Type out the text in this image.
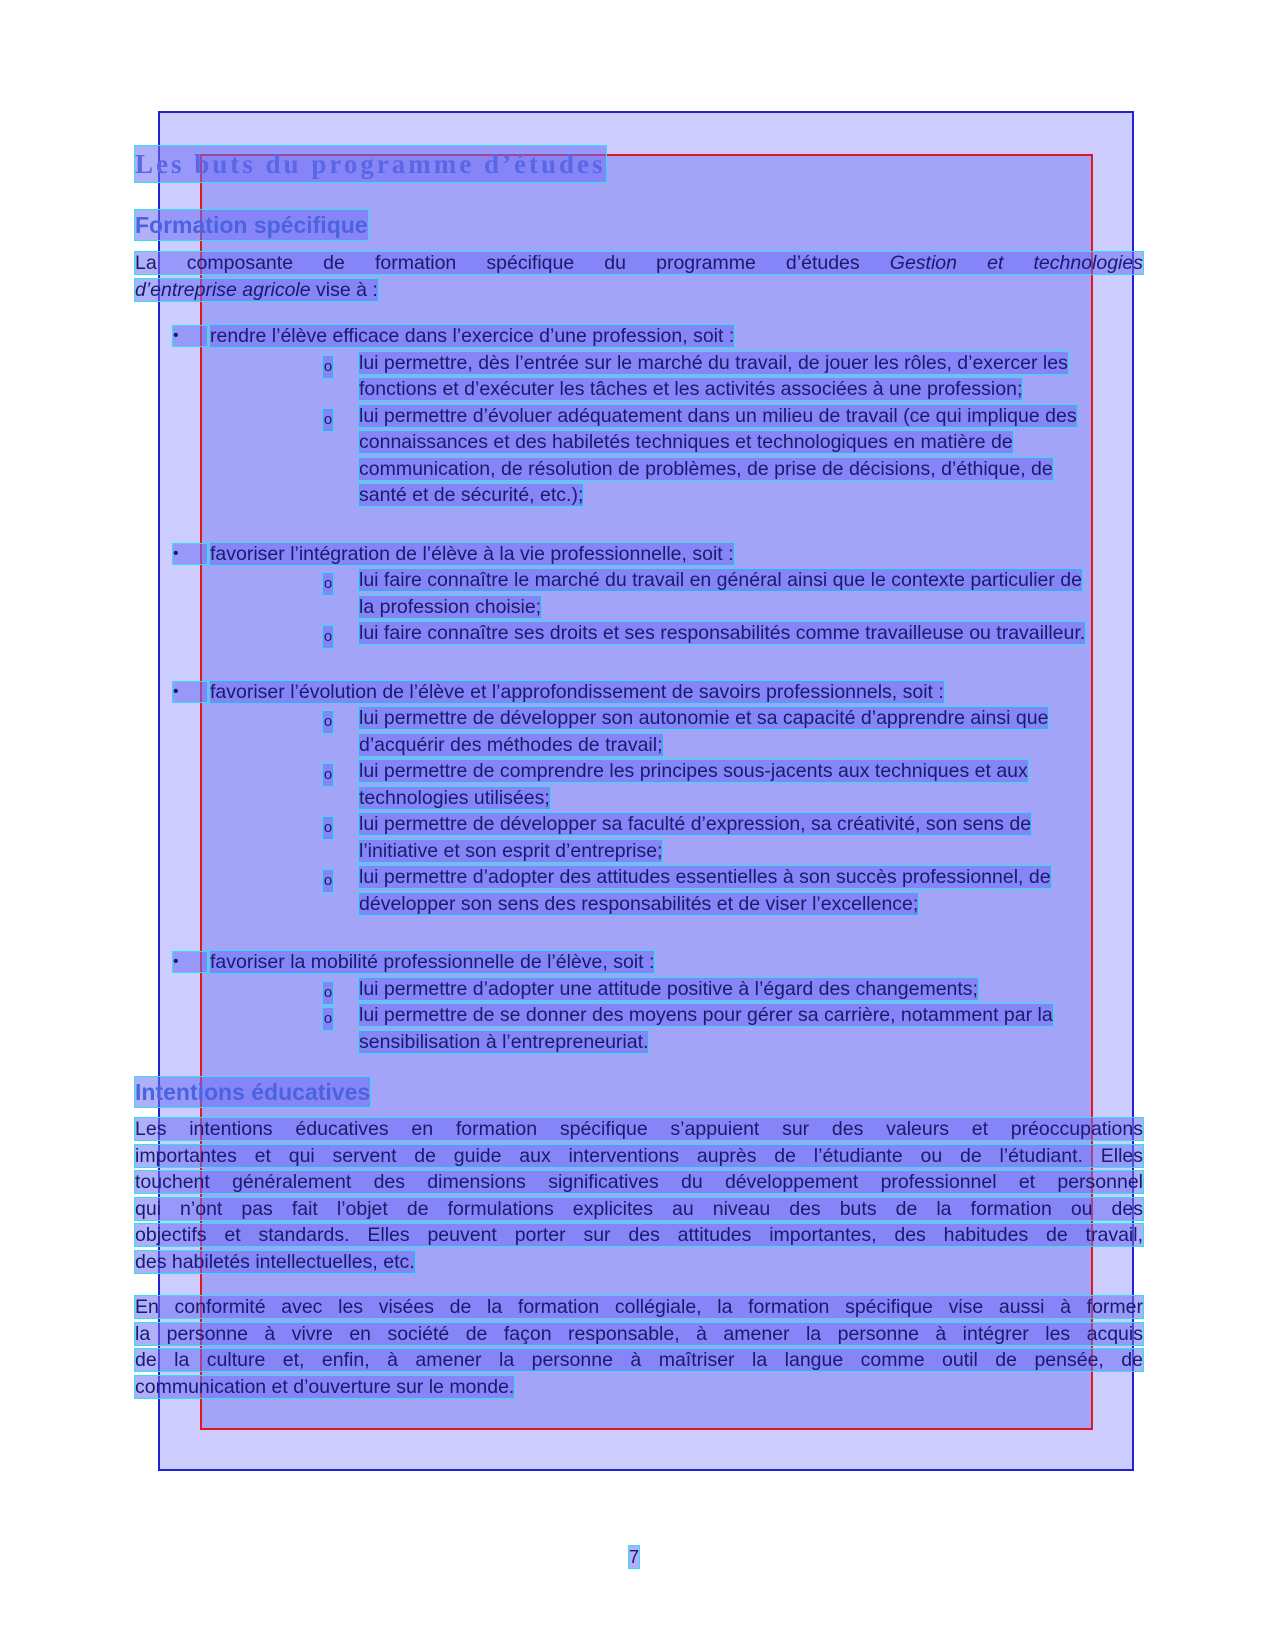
Les buts du programme d’études
Formation spécifique
La composante de formation spécifique du programme d’études Gestion et technologies
d’entreprise agricole vise à :
•	rendre l’élève efficace dans l’exercice d’une profession, soit :
o lui permettre, dès l’entrée sur le marché du travail, de jouer les rôles, d’exercer les
fonctions et d’exécuter les tâches et les activités associées à une profession;
o lui permettre d’évoluer adéquatement dans un milieu de travail (ce qui implique des
connaissances et des habiletés techniques et technologiques en matière de
communication, de résolution de problèmes, de prise de décisions, d’éthique, de
santé et de sécurité, etc.);
•	favoriser l’intégration de l’élève à la vie professionnelle, soit :
o lui faire connaître le marché du travail en général ainsi que le contexte particulier de
la profession choisie;
o lui faire connaître ses droits et ses responsabilités comme travailleuse ou travailleur.
•	favoriser l’évolution de l’élève et l’approfondissement de savoirs professionnels, soit :
o lui permettre de développer son autonomie et sa capacité d’apprendre ainsi que
d’acquérir des méthodes de travail;
o lui permettre de comprendre les principes sous-jacents aux techniques et aux
technologies utilisées;
o lui permettre de développer sa faculté d’expression, sa créativité, son sens de
l’initiative et son esprit d’entreprise;
o lui permettre d’adopter des attitudes essentielles à son succès professionnel, de
développer son sens des responsabilités et de viser l’excellence;
•	favoriser la mobilité professionnelle de l’élève, soit :
o lui permettre d’adopter une attitude positive à l’égard des changements;
o lui permettre de se donner des moyens pour gérer sa carrière, notamment par la
sensibilisation à l’entrepreneuriat.
Intentions éducatives
Les intentions éducatives en formation spécifique s’appuient sur des valeurs et préoccupations
importantes et qui servent de guide aux interventions auprès de l’étudiante ou de l’étudiant. Elles
touchent généralement des dimensions significatives du développement professionnel et personnel
qui n’ont pas fait l’objet de formulations explicites au niveau des buts de la formation ou des
objectifs et standards. Elles peuvent porter sur des attitudes importantes, des habitudes de travail,
des habiletés intellectuelles, etc.
En conformité avec les visées de la formation collégiale, la formation spécifique vise aussi à former
la personne à vivre en société de façon responsable, à amener la personne à intégrer les acquis
de la culture et, enfin, à amener la personne à maîtriser la langue comme outil de pensée, de
communication et d’ouverture sur le monde.
7
